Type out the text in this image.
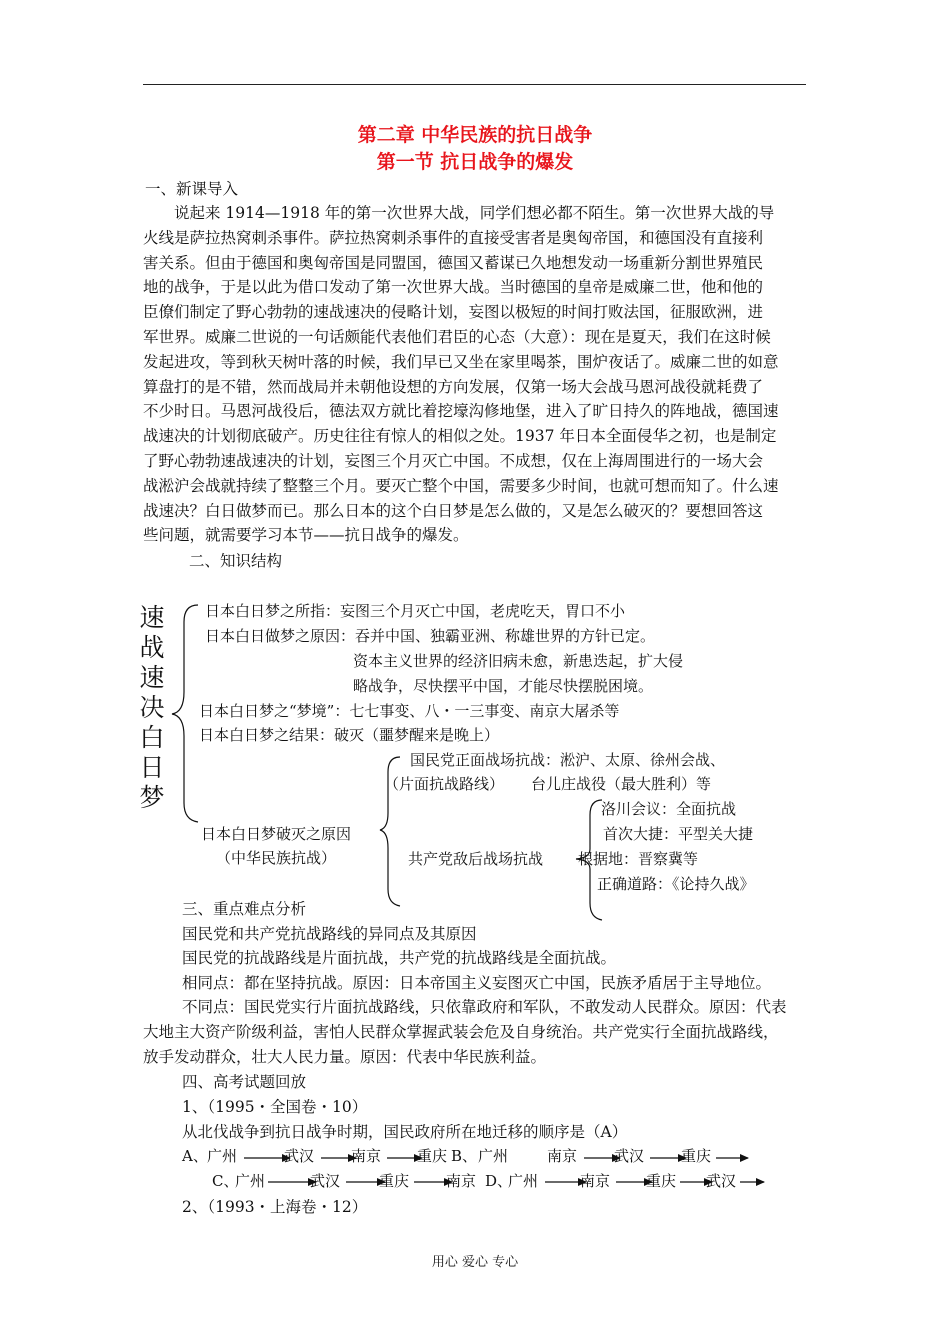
第二章 中华民族的抗日战争
第一节 抗日战争的爆发
一、新课导入
说起来 1914—1918 年的第一次世界大战，同学们想必都不陌生。第一次世界大战的导
火线是萨拉热窝刺杀事件。萨拉热窝刺杀事件的直接受害者是奥匈帝国，和德国没有直接利
害关系。但由于德国和奥匈帝国是同盟国，德国又蓄谋已久地想发动一场重新分割世界殖民
地的战争，于是以此为借口发动了第一次世界大战。当时德国的皇帝是威廉二世，他和他的
臣僚们制定了野心勃勃的速战速决的侵略计划，妄图以极短的时间打败法国，征服欧洲，进
军世界。威廉二世说的一句话颇能代表他们君臣的心态（大意）：现在是夏天，我们在这时候
发起进攻，等到秋天树叶落的时候，我们早已又坐在家里喝茶，围炉夜话了。威廉二世的如意
算盘打的是不错，然而战局并未朝他设想的方向发展，仅第一场大会战马恩河战役就耗费了
不少时日。马恩河战役后，德法双方就比着挖壕沟修地堡，进入了旷日持久的阵地战，德国速
战速决的计划彻底破产。历史往往有惊人的相似之处。1937 年日本全面侵华之初，也是制定
了野心勃勃速战速决的计划，妄图三个月灭亡中国。不成想，仅在上海周围进行的一场大会
战淞沪会战就持续了整整三个月。要灭亡整个中国，需要多少时间，也就可想而知了。什么速
战速决？白日做梦而已。那么日本的这个白日梦是怎么做的，又是怎么破灭的？要想回答这
些问题，就需要学习本节——抗日战争的爆发。
二、知识结构
速
战
速
决
白
日
梦
日本白日梦之所指：妄图三个月灭亡中国，老虎吃天，胃口不小
日本白日做梦之原因：吞并中国、独霸亚洲、称雄世界的方针已定。
资本主义世界的经济旧病未愈，新患迭起，扩大侵
略战争，尽快摆平中国，才能尽快摆脱困境。
日本白日梦之“梦境”：七七事变、八・一三事变、南京大屠杀等
日本白日梦之结果：破灭（噩梦醒来是晚上）
国民党正面战场抗战：淞沪、太原、徐州会战、
（片面抗战路线） 台儿庄战役（最大胜利）等
洛川会议：全面抗战
日本白日梦破灭之原因	首次大捷：平型关大捷
（中华民族抗战）	共产党敌后战场抗战 根据地：晋察冀等
正确道路：《论持久战》
三、重点难点分析
国民党和共产党抗战路线的异同点及其原因
国民党的抗战路线是片面抗战，共产党的抗战路线是全面抗战。
相同点：都在坚持抗战。原因：日本帝国主义妄图灭亡中国，民族矛盾居于主导地位。
不同点：国民党实行片面抗战路线，只依靠政府和军队，不敢发动人民群众。原因：代表
大地主大资产阶级利益，害怕人民群众掌握武装会危及自身统治。共产党实行全面抗战路线，
放手发动群众，壮大人民力量。原因：代表中华民族利益。
四、高考试题回放
1、（1995・全国卷・10）
从北伐战争到抗日战争时期，国民政府所在地迁移的顺序是（A）
A、 广州	武汉 南京 重庆 B、 广州	南京 武汉 重庆
C、
广州	武汉	重庆 南京 D、
广州	南京 重庆 武汉
2、（1993・上海卷・12）
用心 爱心 专心
